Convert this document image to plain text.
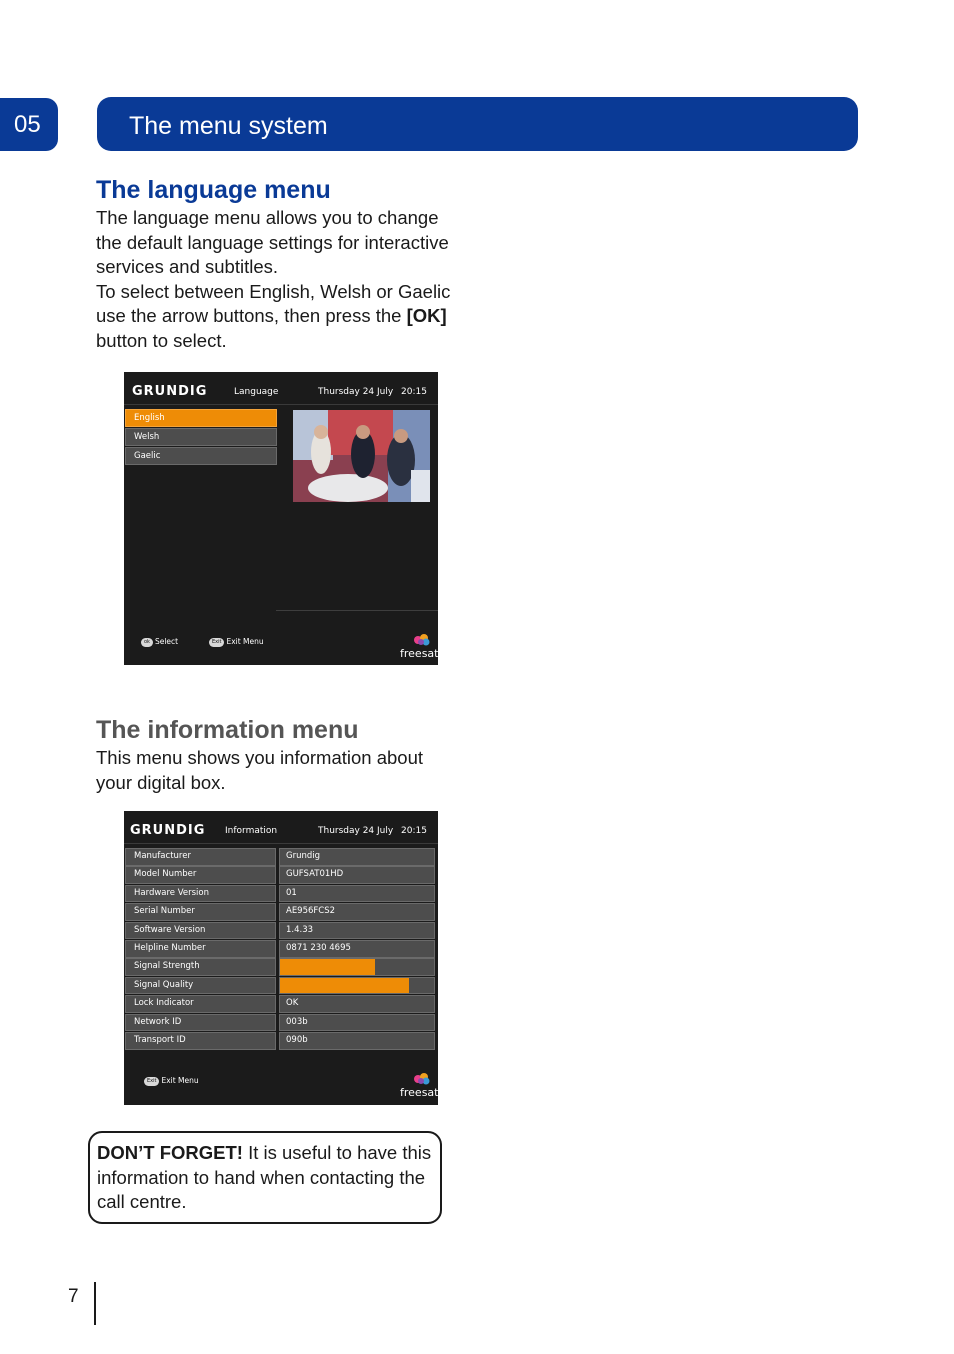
05	The menu system
The language menu
The language menu allows you to change the default language settings for interactive services and subtitles.
To select between English, Welsh or Gaelic use the arrow buttons, then press the [OK] button to select.
GRUNDIG	Language	Thursday 24 July 20:15
English
Welsh
Gaelic
ok Select	Exit Exit Menu
freesat
The information menu
This menu shows you information about your digital box.
GRUNDIG Information	Thursday 24 July 20:15
Manufacturer	Grundig
Model Number	GUFSAT01HD
Hardware Version	01
Serial Number	AE956FCS2
Software Version	1.4.33
Helpline Number	0871 230 4695
Signal Strength
Signal Quality
Lock Indicator	OK
Network ID	003b
Transport ID	090b
Exit Exit Menu
freesat
DON’T FORGET! It is useful to have this information to hand when contacting the call centre.
7
